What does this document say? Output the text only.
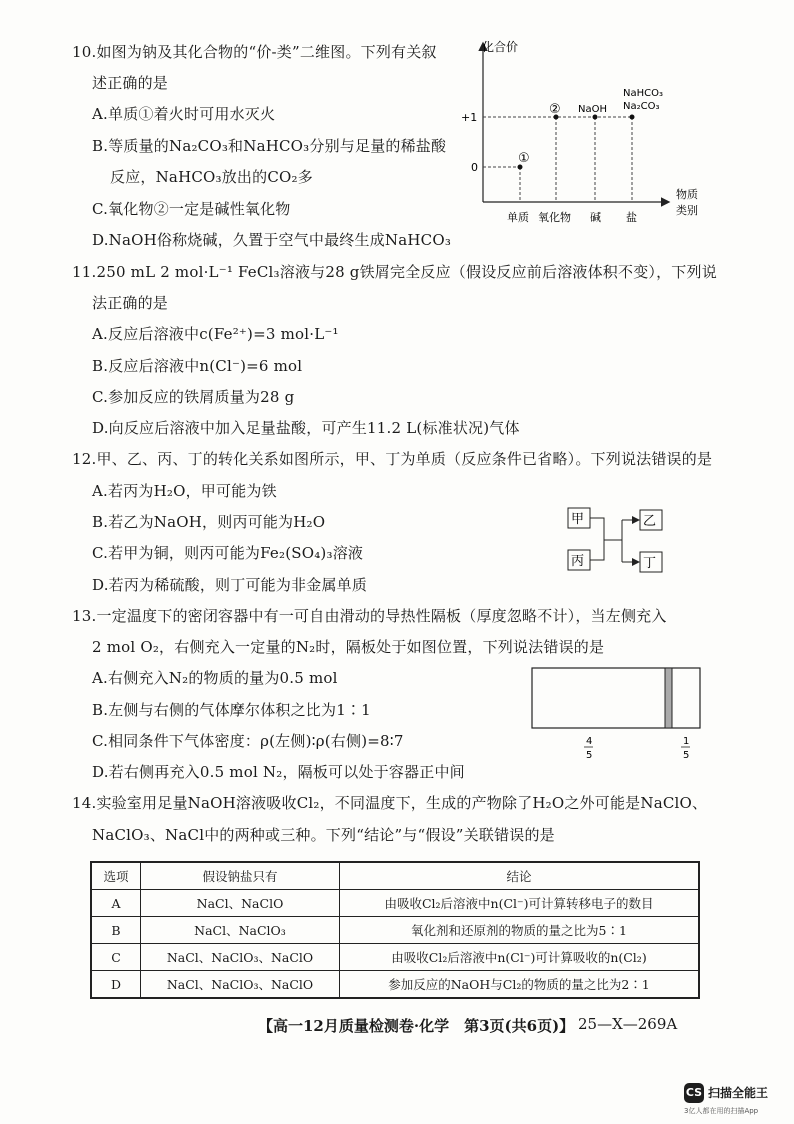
10.如图为钠及其化合物的“价-类”二维图。下列有关叙
述正确的是
A.单质①着火时可用水灭火
B.等质量的Na₂CO₃和NaHCO₃分别与足量的稀盐酸
反应，NaHCO₃放出的CO₂多
C.氧化物②一定是碱性氧化物
D.NaOH俗称烧碱，久置于空气中最终生成NaHCO₃
化合价
物质
类别
+1
0
①
② NaOH
NaHCO₃
Na₂CO₃
单质 氧化物 碱 盐
11.250 mL 2 mol·L⁻¹ FeCl₃溶液与28 g铁屑完全反应（假设反应前后溶液体积不变），下列说
法正确的是
A.反应后溶液中c(Fe²⁺)=3 mol·L⁻¹
B.反应后溶液中n(Cl⁻)=6 mol
C.参加反应的铁屑质量为28 g
D.向反应后溶液中加入足量盐酸，可产生11.2 L(标准状况)气体
12.甲、乙、丙、丁的转化关系如图所示，甲、丁为单质（反应条件已省略）。下列说法错误的是
A.若丙为H₂O，甲可能为铁
B.若乙为NaOH，则丙可能为H₂O
C.若甲为铜，则丙可能为Fe₂(SO₄)₃溶液
D.若丙为稀硫酸，则丁可能为非金属单质
甲
丙
乙
丁
13.一定温度下的密闭容器中有一可自由滑动的导热性隔板（厚度忽略不计），当左侧充入
2 mol O₂，右侧充入一定量的N₂时，隔板处于如图位置，下列说法错误的是
A.右侧充入N₂的物质的量为0.5 mol
B.左侧与右侧的气体摩尔体积之比为1∶1
C.相同条件下气体密度：ρ(左侧)∶ρ(右侧)=8∶7
D.若右侧再充入0.5 mol N₂，隔板可以处于容器正中间
4
5
1
5
14.实验室用足量NaOH溶液吸收Cl₂，不同温度下，生成的产物除了H₂O之外可能是NaClO、
NaClO₃、NaCl中的两种或三种。下列“结论”与“假设”关联错误的是
选项	假设钠盐只有	结论
A	NaCl、NaClO	由吸收Cl₂后溶液中n(Cl⁻)可计算转移电子的数目
B	NaCl、NaClO₃	氧化剂和还原剂的物质的量之比为5∶1
C	NaCl、NaClO₃、NaClO	由吸收Cl₂后溶液中n(Cl⁻)可计算吸收的n(Cl₂)
D	NaCl、NaClO₃、NaClO	参加反应的NaOH与Cl₂的物质的量之比为2∶1
【高一12月质量检测卷·化学　第3页(共6页)】 25—X—269A
CS 扫描全能王
3亿人都在用的扫描App
